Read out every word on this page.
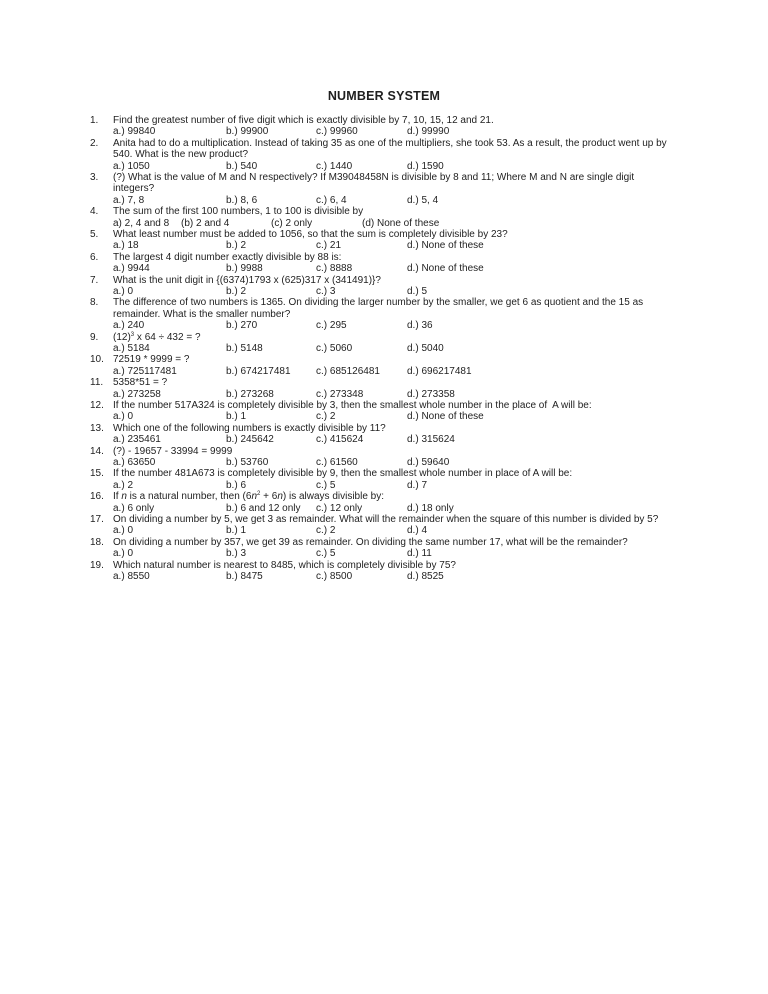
NUMBER SYSTEM
1. Find the greatest number of five digit which is exactly divisible by 7, 10, 15, 12 and 21.
a.) 99840	b.) 99900	c.) 99960	d.) 99990
2. Anita had to do a multiplication. Instead of taking 35 as one of the multipliers, she took 53. As a result, the product went up by 540. What is the new product?
a.) 1050	b.) 540	c.) 1440	d.) 1590
3. (?) What is the value of M and N respectively? If M39048458N is divisible by 8 and 11; Where M and N are single digit integers?
a.) 7, 8	b.) 8, 6	c.) 6, 4	d.) 5, 4
4. The sum of the first 100 numbers, 1 to 100 is divisible by
a) 2, 4 and 8 (b) 2 and 4	(c) 2 only	(d) None of these
5. What least number must be added to 1056, so that the sum is completely divisible by 23?
a.) 18	b.) 2	c.) 21	d.) None of these
6. The largest 4 digit number exactly divisible by 88 is:
a.) 9944	b.) 9988	c.) 8888	d.) None of these
7. What is the unit digit in {(6374)1793 x (625)317 x (341491)}?
a.) 0	b.) 2	c.) 3	d.) 5
8. The difference of two numbers is 1365. On dividing the larger number by the smaller, we get 6 as quotient and the 15 as remainder. What is the smaller number?
a.) 240	b.) 270	c.) 295	d.) 36
9. $(12)^3$ x 64 ÷ 432 = ?
a.) 5184	b.) 5148	c.) 5060	d.) 5040
10. 72519 * 9999 = ?
a.) 725117481	b.) 674217481	c.) 685126481	d.) 696217481
11. 5358*51 = ?
a.) 273258	b.) 273268	c.) 273348	d.) 273358
12. If the number 517A324 is completely divisible by 3, then the smallest whole number in the place of  A will be:
a.) 0	b.) 1	c.) 2	d.) None of these
13. Which one of the following numbers is exactly divisible by 11?
a.) 235461	b.) 245642	c.) 415624	d.) 315624
14. (?) - 19657 - 33994 = 9999
a.) 63650	b.) 53760	c.) 61560	d.) 59640
15. If the number 481A673 is completely divisible by 9, then the smallest whole number in place of A will be:
a.) 2	b.) 6	c.) 5	d.) 7
16. If n is a natural number, then $(6n^2 + 6n)$ is always divisible by:
a.) 6 only	b.) 6 and 12 only c.) 12 only	d.) 18 only
17. On dividing a number by 5, we get 3 as remainder. What will the remainder when the square of this number is divided by 5?
a.) 0	b.) 1	c.) 2	d.) 4
18. On dividing a number by 357, we get 39 as remainder. On dividing the same number 17, what will be the remainder?
a.) 0	b.) 3	c.) 5	d.) 11
19. Which natural number is nearest to 8485, which is completely divisible by 75?
a.) 8550	b.) 8475	c.) 8500	d.) 8525
